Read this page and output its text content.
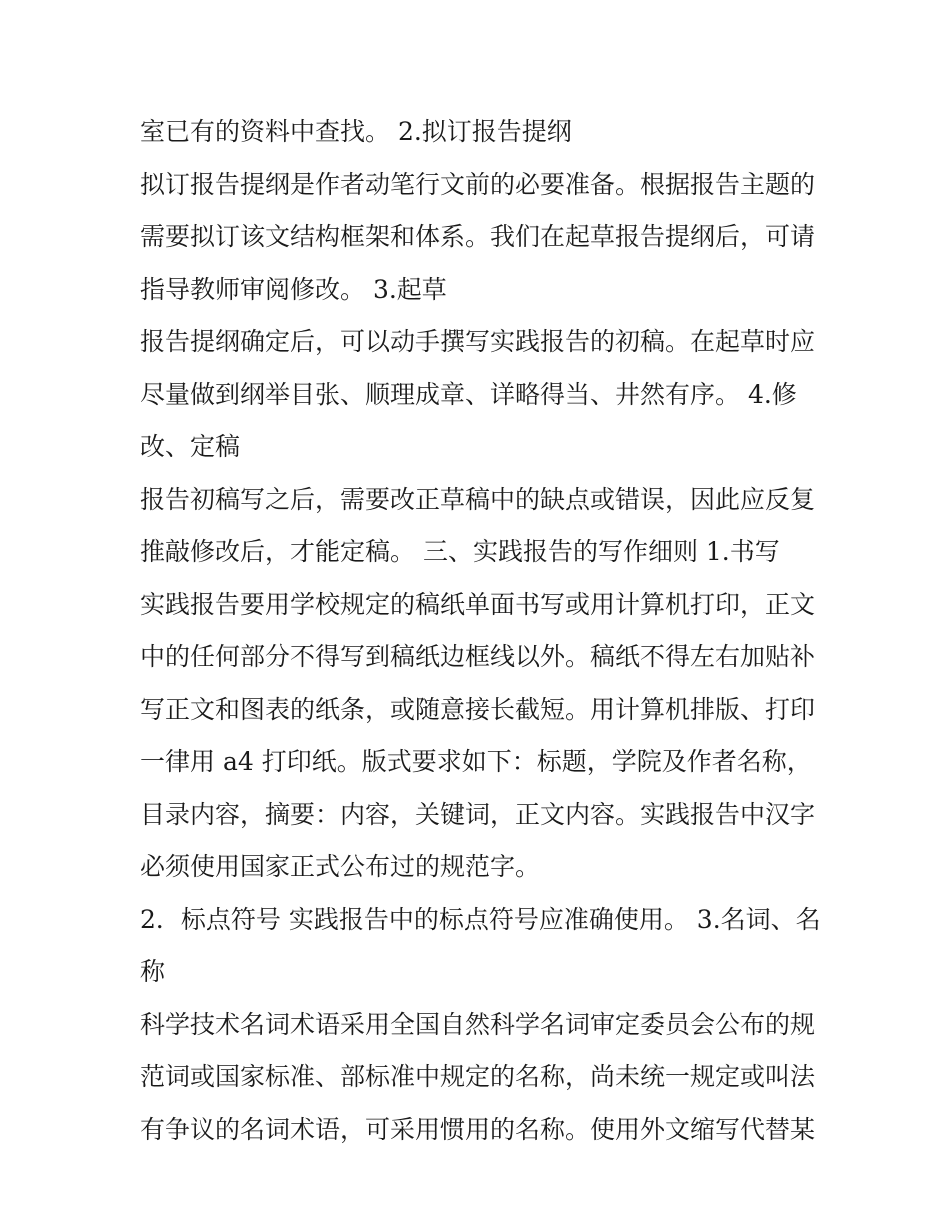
室已有的资料中查找。 2.拟订报告提纲
拟订报告提纲是作者动笔行文前的必要准备。根据报告主题的
需要拟订该文结构框架和体系。我们在起草报告提纲后，可请
指导教师审阅修改。 3.起草
报告提纲确定后，可以动手撰写实践报告的初稿。在起草时应
尽量做到纲举目张、顺理成章、详略得当、井然有序。 4.修
改、定稿
报告初稿写之后，需要改正草稿中的缺点或错误，因此应反复
推敲修改后，才能定稿。 三、实践报告的写作细则 1.书写
实践报告要用学校规定的稿纸单面书写或用计算机打印，正文
中的任何部分不得写到稿纸边框线以外。稿纸不得左右加贴补
写正文和图表的纸条，或随意接长截短。用计算机排版、打印
一律用 a4 打印纸。版式要求如下：标题，学院及作者名称，
目录内容，摘要：内容，关键词，正文内容。实践报告中汉字
必须使用国家正式公布过的规范字。
2．标点符号 实践报告中的标点符号应准确使用。 3.名词、名
称
科学技术名词术语采用全国自然科学名词审定委员会公布的规
范词或国家标准、部标准中规定的名称，尚未统一规定或叫法
有争议的名词术语，可采用惯用的名称。使用外文缩写代替某
